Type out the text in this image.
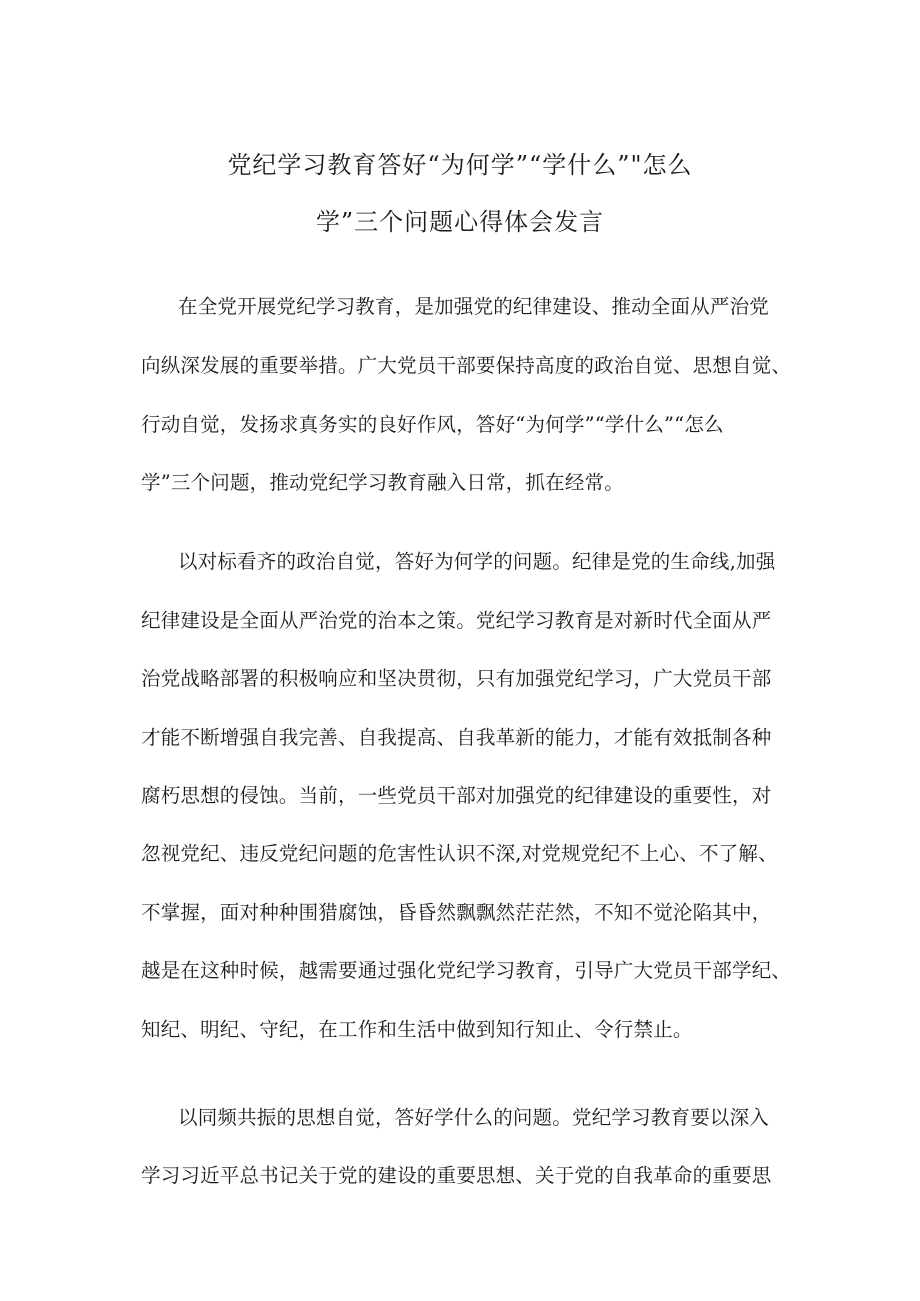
党纪学习教育答好“为何学”“学什么”"怎么
学”三个问题心得体会发言
在全党开展党纪学习教育，是加强党的纪律建设、推动全面从严治党
向纵深发展的重要举措。广大党员干部要保持高度的政治自觉、思想自觉、
行动自觉，发扬求真务实的良好作风，答好“为何学”“学什么”“怎么
学”三个问题，推动党纪学习教育融入日常，抓在经常。
以对标看齐的政治自觉，答好为何学的问题。纪律是党的生命线,加强
纪律建设是全面从严治党的治本之策。党纪学习教育是对新时代全面从严
治党战略部署的积极响应和坚决贯彻，只有加强党纪学习，广大党员干部
才能不断增强自我完善、自我提高、自我革新的能力，才能有效抵制各种
腐朽思想的侵蚀。当前，一些党员干部对加强党的纪律建设的重要性，对
忽视党纪、违反党纪问题的危害性认识不深,对党规党纪不上心、不了解、
不掌握，面对种种围猎腐蚀，昏昏然飘飘然茫茫然，不知不觉沦陷其中，
越是在这种时候，越需要通过强化党纪学习教育，引导广大党员干部学纪、
知纪、明纪、守纪，在工作和生活中做到知行知止、令行禁止。
以同频共振的思想自觉，答好学什么的问题。党纪学习教育要以深入
学习习近平总书记关于党的建设的重要思想、关于党的自我革命的重要思
